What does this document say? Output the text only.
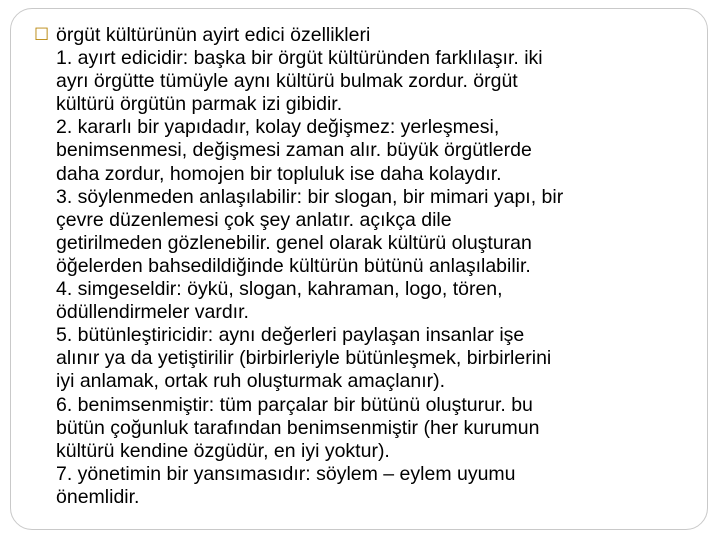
☐ örgüt kültürünün ayirt edici özellikleri
1. ayırt edicidir: başka bir örgüt kültüründen farklılaşır. iki
ayrı örgütte tümüyle aynı kültürü bulmak zordur. örgüt
kültürü örgütün parmak izi gibidir.
2. kararlı bir yapıdadır, kolay değişmez: yerleşmesi,
benimsenmesi, değişmesi zaman alır. büyük örgütlerde
daha zordur, homojen bir topluluk ise daha kolaydır.
3. söylenmeden anlaşılabilir: bir slogan, bir mimari yapı, bir
çevre düzenlemesi çok şey anlatır. açıkça dile
getirilmeden gözlenebilir. genel olarak kültürü oluşturan
öğelerden bahsedildiğinde kültürün bütünü anlaşılabilir.
4. simgeseldir: öykü, slogan, kahraman, logo, tören,
ödüllendirmeler vardır.
5. bütünleştiricidir: aynı değerleri paylaşan insanlar işe
alınır ya da yetiştirilir (birbirleriyle bütünleşmek, birbirlerini
iyi anlamak, ortak ruh oluşturmak amaçlanır).
6. benimsenmiştir: tüm parçalar bir bütünü oluşturur. bu
bütün çoğunluk tarafından benimsenmiştir (her kurumun
kültürü kendine özgüdür, en iyi yoktur).
7. yönetimin bir yansımasıdır: söylem – eylem uyumu
önemlidir.
